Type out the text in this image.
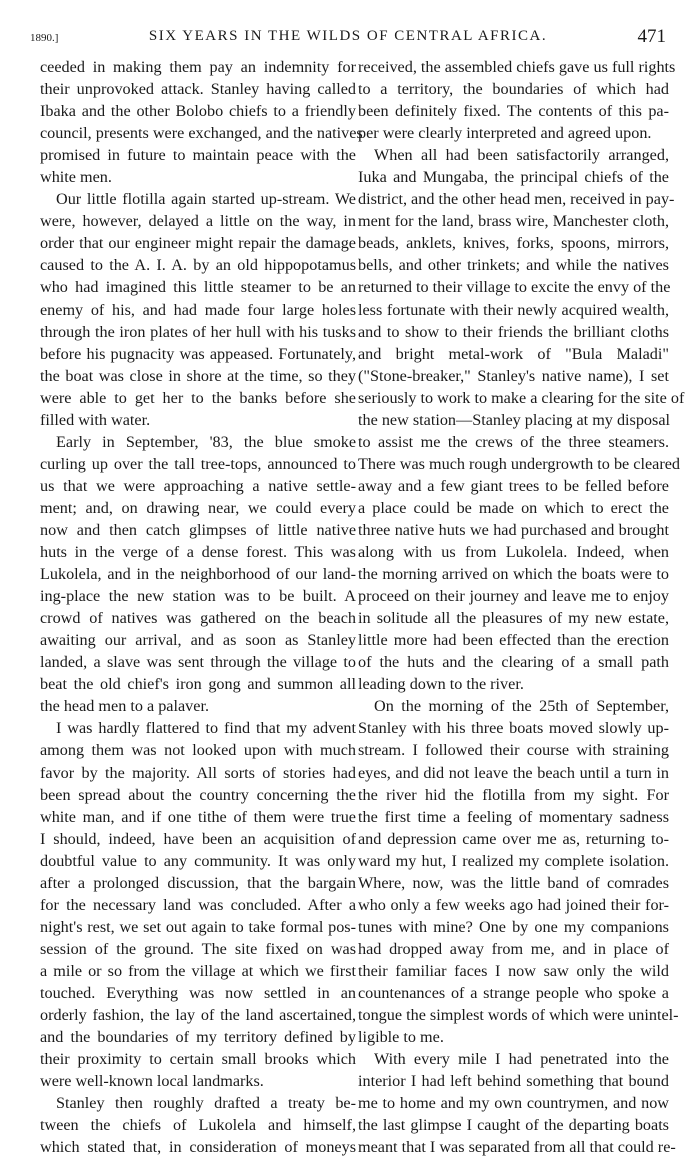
1890.]	SIX YEARS IN THE WILDS OF CENTRAL AFRICA.	471
ceeded in making them pay an indemnity for
their unprovoked attack. Stanley having called
Ibaka and the other Bolobo chiefs to a friendly
council, presents were exchanged, and the natives
promised in future to maintain peace with the
white men.
Our little flotilla again started up-stream. We
were, however, delayed a little on the way, in
order that our engineer might repair the damage
caused to the A. I. A. by an old hippopotamus
who had imagined this little steamer to be an
enemy of his, and had made four large holes
through the iron plates of her hull with his tusks
before his pugnacity was appeased. Fortunately,
the boat was close in shore at the time, so they
were able to get her to the banks before she
filled with water.
Early in September, '83, the blue smoke
curling up over the tall tree-tops, announced to
us that we were approaching a native settle-
ment; and, on drawing near, we could every
now and then catch glimpses of little native
huts in the verge of a dense forest. This was
Lukolela, and in the neighborhood of our land-
ing-place the new station was to be built. A
crowd of natives was gathered on the beach
awaiting our arrival, and as soon as Stanley
landed, a slave was sent through the village to
beat the old chief's iron gong and summon all
the head men to a palaver.
I was hardly flattered to find that my advent
among them was not looked upon with much
favor by the majority. All sorts of stories had
been spread about the country concerning the
white man, and if one tithe of them were true
I should, indeed, have been an acquisition of
doubtful value to any community. It was only
after a prolonged discussion, that the bargain
for the necessary land was concluded. After a
night's rest, we set out again to take formal pos-
session of the ground. The site fixed on was
a mile or so from the village at which we first
touched. Everything was now settled in an
orderly fashion, the lay of the land ascertained,
and the boundaries of my territory defined by
their proximity to certain small brooks which
were well-known local landmarks.
Stanley then roughly drafted a treaty be-
tween the chiefs of Lukolela and himself,
which stated that, in consideration of moneys
received, the assembled chiefs gave us full rights
to a territory, the boundaries of which had
been definitely fixed. The contents of this pa-
per were clearly interpreted and agreed upon.
When all had been satisfactorily arranged,
Iuka and Mungaba, the principal chiefs of the
district, and the other head men, received in pay-
ment for the land, brass wire, Manchester cloth,
beads, anklets, knives, forks, spoons, mirrors,
bells, and other trinkets; and while the natives
returned to their village to excite the envy of the
less fortunate with their newly acquired wealth,
and to show to their friends the brilliant cloths
and bright metal-work of "Bula Maladi"
("Stone-breaker," Stanley's native name), I set
seriously to work to make a clearing for the site of
the new station—Stanley placing at my disposal
to assist me the crews of the three steamers.
There was much rough undergrowth to be cleared
away and a few giant trees to be felled before
a place could be made on which to erect the
three native huts we had purchased and brought
along with us from Lukolela. Indeed, when
the morning arrived on which the boats were to
proceed on their journey and leave me to enjoy
in solitude all the pleasures of my new estate,
little more had been effected than the erection
of the huts and the clearing of a small path
leading down to the river.
On the morning of the 25th of September,
Stanley with his three boats moved slowly up-
stream. I followed their course with straining
eyes, and did not leave the beach until a turn in
the river hid the flotilla from my sight. For
the first time a feeling of momentary sadness
and depression came over me as, returning to-
ward my hut, I realized my complete isolation.
Where, now, was the little band of comrades
who only a few weeks ago had joined their for-
tunes with mine? One by one my companions
had dropped away from me, and in place of
their familiar faces I now saw only the wild
countenances of a strange people who spoke a
tongue the simplest words of which were unintel-
ligible to me.
With every mile I had penetrated into the
interior I had left behind something that bound
me to home and my own countrymen, and now
the last glimpse I caught of the departing boats
meant that I was separated from all that could re-
